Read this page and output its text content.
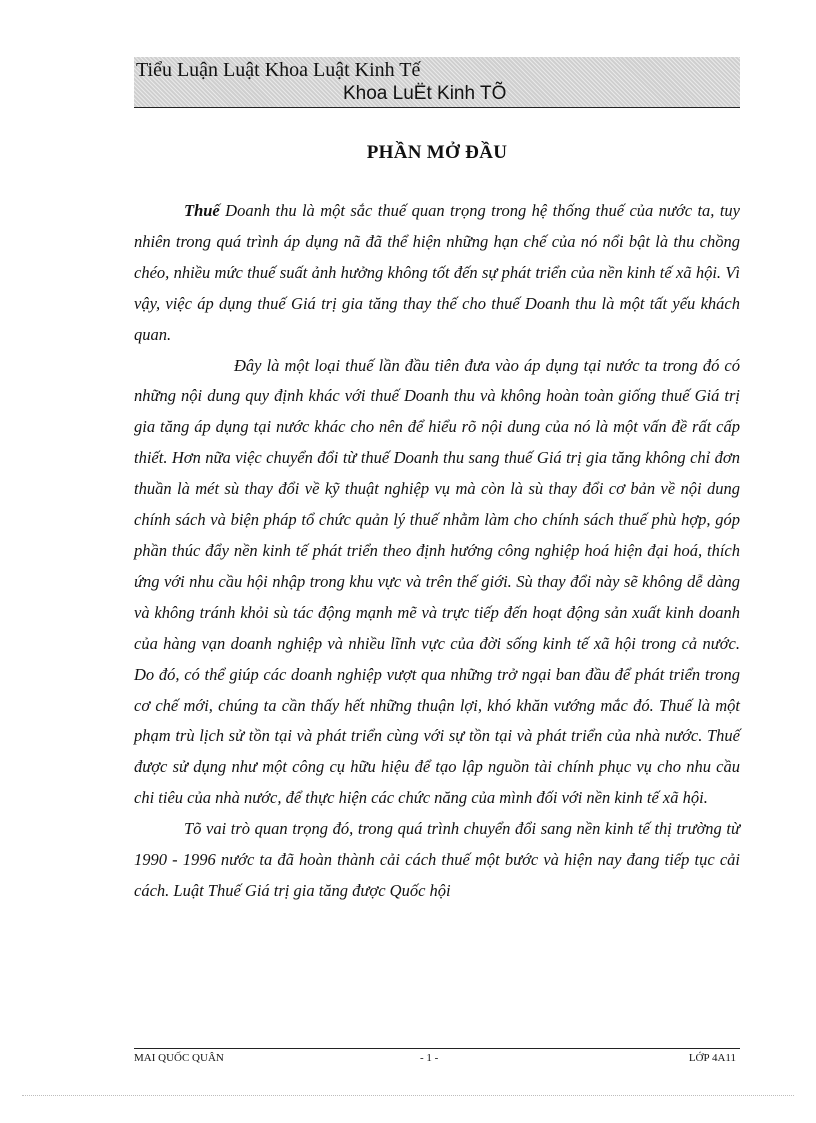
Tiểu Luận Luật Khoa Luật Kinh Tế
Khoa LuËt Kinh TÕ
PHẦN MỞ ĐẦU

Thuế Doanh thu là một sắc thuế quan trọng trong hệ thống thuế của nước ta, tuy nhiên trong quá trình áp dụng nã đã thể hiện những hạn chế của nó nổi bật là thu chồng chéo, nhiều mức thuế suất ảnh hưởng không tốt đến sự phát triển của nền kinh tế xã hội. Vì vậy, việc áp dụng thuế Giá trị gia tăng thay thế cho thuế Doanh thu là một tất yếu khách quan.

Đây là một loại thuế lần đầu tiên đưa vào áp dụng tại nước ta trong đó có những nội dung quy định khác với thuế Doanh thu và không hoàn toàn giống thuế Giá trị gia tăng áp dụng tại nước khác cho nên để hiểu rõ nội dung của nó là một vấn đề rất cấp thiết. Hơn nữa việc chuyển đổi từ thuế Doanh thu sang thuế Giá trị gia tăng không chỉ đơn thuần là mét sù thay đổi về kỹ thuật nghiệp vụ mà còn là sù thay đổi cơ bản về nội dung chính sách và biện pháp tổ chức quản lý thuế nhằm làm cho chính sách thuế phù hợp, góp phần thúc đẩy nền kinh tế phát triển theo định hướng công nghiệp hoá hiện đại hoá, thích ứng với nhu cầu hội nhập trong khu vực và trên thế giới. Sù thay đổi này sẽ không dễ dàng và không tránh khỏi sù tác động mạnh mẽ và trực tiếp đến hoạt động sản xuất kinh doanh của hàng vạn doanh nghiệp và nhiều lĩnh vực của đời sống kinh tế xã hội trong cả nước. Do đó, có thể giúp các doanh nghiệp vượt qua những trở ngại ban đầu để phát triển trong cơ chế mới, chúng ta cần thấy hết những thuận lợi, khó khăn vướng mắc đó. Thuế là một phạm trù lịch sử tồn tại và phát triển cùng với sự tồn tại và phát triển của nhà nước. Thuế được sử dụng như một công cụ hữu hiệu để tạo lập nguồn tài chính phục vụ cho nhu cầu chi tiêu của nhà nước, để thực hiện các chức năng của mình đối với nền kinh tế xã hội.

Tõ vai trò quan trọng đó, trong quá trình chuyển đổi sang nền kinh tế thị trường từ 1990 - 1996 nước ta đã hoàn thành cải cách thuế một bước và hiện nay đang tiếp tục cải cách. Luật Thuế Giá trị gia tăng được Quốc hội

MAI QUỐC QUÂN	- 1 -	LỚP 4A11
